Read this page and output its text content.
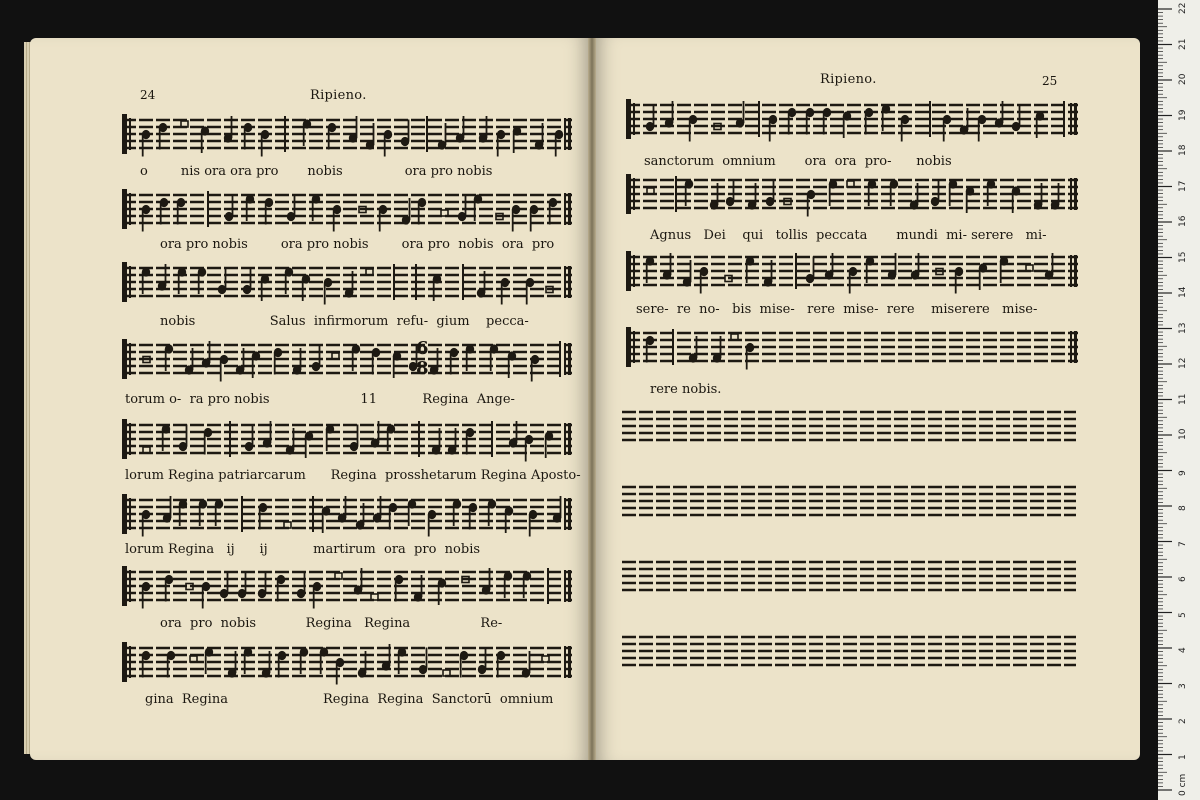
24	Ripieno.
o        nis ora ora pro       nobis               ora pro nobis
ora pro nobis        ora pro nobis        ora pro  nobis  ora  pro
nobis                  Salus  infirmorum  refu-  gium    pecca-
torum o-  ra pro nobis                      11           Regina  Ange-
lorum Regina patriarcarum      Regina  prosshetarum Regina Aposto-
lorum Regina   ij      ij           martirum  ora  pro  nobis
ora  pro  nobis            Regina   Regina                 Re-
gina  Regina                       Regina  Regina  Sanctorū  omnium
6
8
Ripieno.	25
sanctorum  omnium       ora  ora  pro-      nobis
Agnus   Dei    qui   tollis  peccata       mundi  mi- serere   mi-
sere-  re  no-   bis  mise-   rere  mise-  rere    miserere   mise-
rere nobis.
0 cm
1
2
3
4
5
6
7
8
9
10
11
12
13
14
15
16
17
18
19
20
21
22
